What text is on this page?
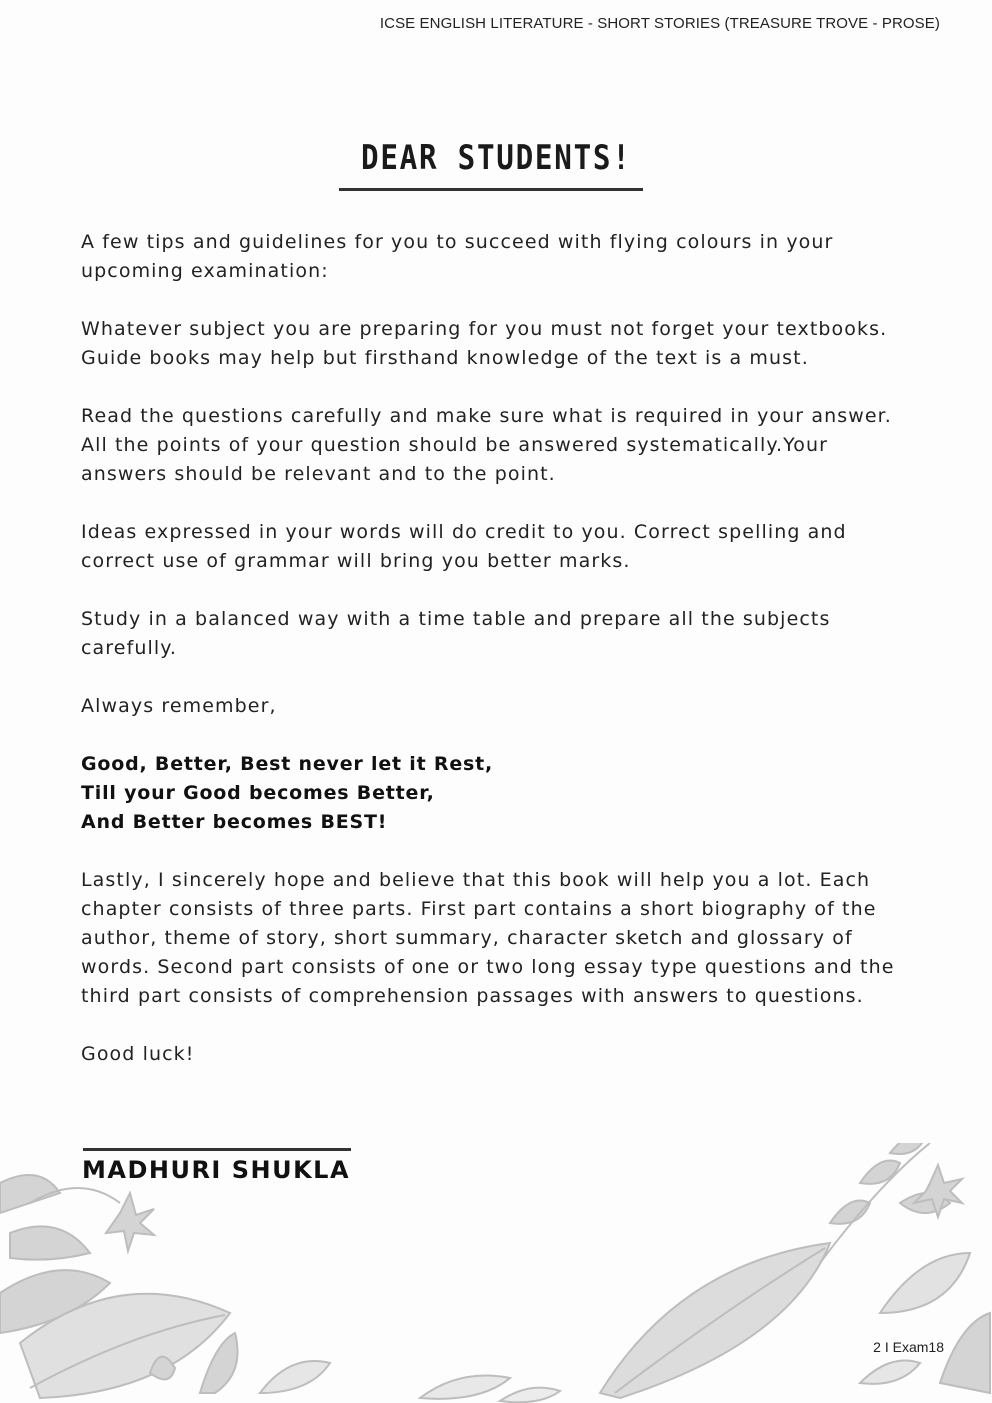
ICSE ENGLISH LITERATURE - SHORT STORIES (TREASURE TROVE - PROSE)
DEAR STUDENTS!

A few tips and guidelines for you to succeed with flying colours in your upcoming examination:

Whatever subject you are preparing for you must not forget your textbooks. Guide books may help but firsthand knowledge of the text is a must.

Read the questions carefully and make sure what is required in your answer. All the points of your question should be answered systematically.Your answers should be relevant and to the point.

Ideas expressed in your words will do credit to you. Correct spelling and correct use of grammar will bring you better marks.

Study in a balanced way with a time table and prepare all the subjects carefully.

Always remember,

Good, Better, Best never let it Rest,

Till your Good becomes Better,

And Better becomes BEST!

Lastly, I sincerely hope and believe that this book will help you a lot. Each chapter consists of three parts. First part contains a short biography of the author, theme of story, short summary, character sketch and glossary of words. Second part consists of one or two long essay type questions and the third part consists of comprehension passages with answers to questions.

Good luck!

MADHURI SHUKLA
2 I Exam18
